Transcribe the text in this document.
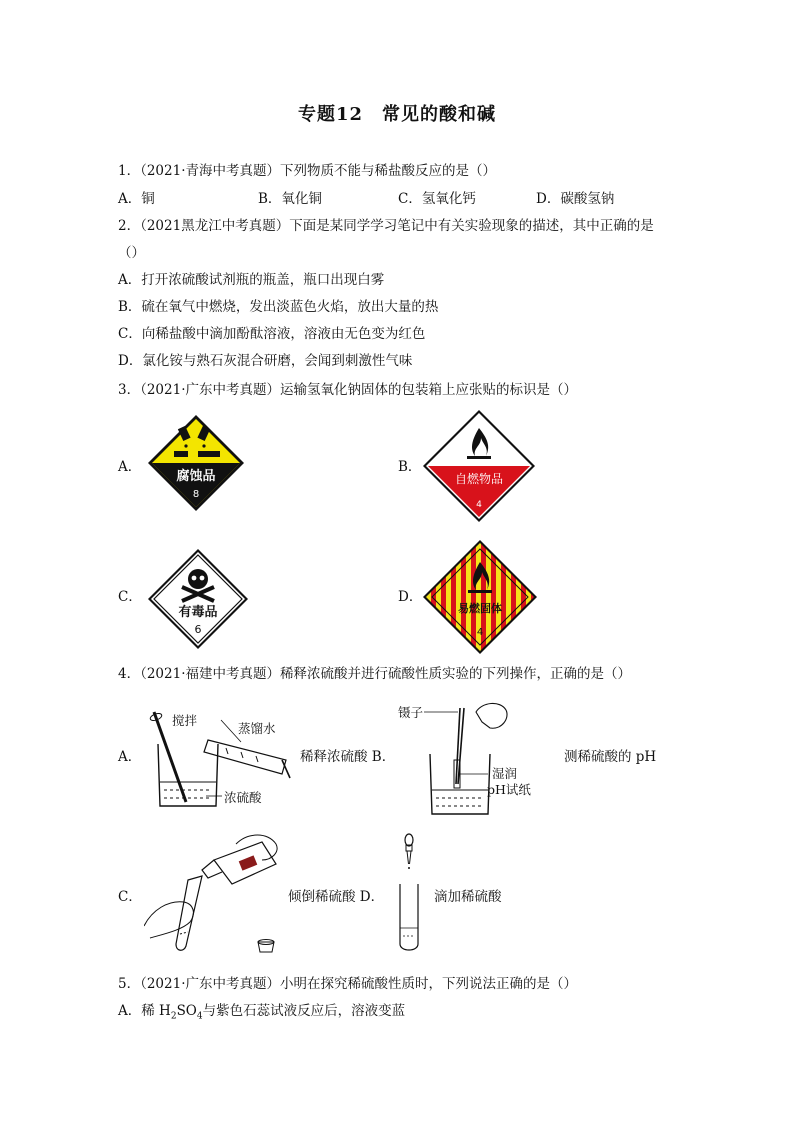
专题12　常见的酸和碱
1．（2021·青海中考真题）下列物质不能与稀盐酸反应的是（）
A．铜	B．氧化铜	C．氢氧化钙	D．碳酸氢钠
2．（2021黑龙江中考真题）下面是某同学学习笔记中有关实验现象的描述，其中正确的是
（）
A．打开浓硫酸试剂瓶的瓶盖，瓶口出现白雾
B．硫在氧气中燃烧，发出淡蓝色火焰，放出大量的热
C．向稀盐酸中滴加酚酞溶液，溶液由无色变为红色
D．氯化铵与熟石灰混合研磨，会闻到刺激性气味
3．（2021·广东中考真题）运输氢氧化钠固体的包装箱上应张贴的标识是（）
A．
腐蚀品
8
B．
自燃物品
4
C．
有毒品
6
D．
易燃固体
4
4．（2021·福建中考真题）稀释浓硫酸并进行硫酸性质实验的下列操作，正确的是（）
A．
搅拌
蒸馏水
稀释浓硫酸 B．
浓硫酸
镊子
测稀硫酸的 pH
湿润
pH试纸
C．	倾倒稀硫酸 D．	滴加稀硫酸
5．（2021·广东中考真题）小明在探究稀硫酸性质时，下列说法正确的是（）
A．稀 $H_2SO_4$与紫色石蕊试液反应后，溶液变蓝
